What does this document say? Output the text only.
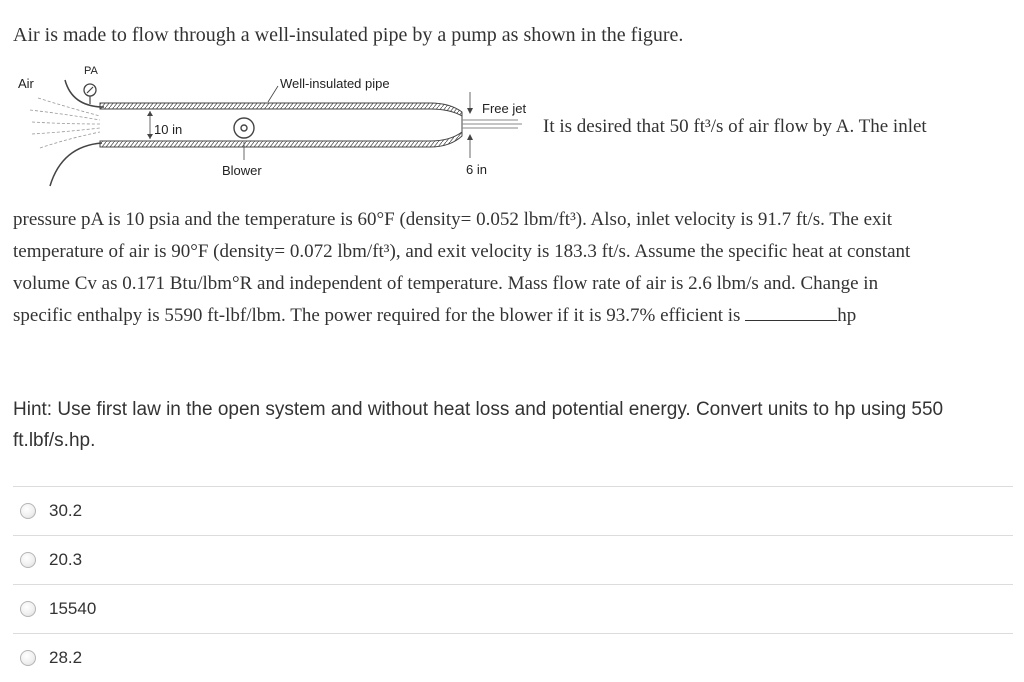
Air is made to flow through a well-insulated pipe by a pump as shown in the figure.
Air
PA
Well-insulated pipe
Free jet
10 in
Blower	6 in
It is desired that 50 ft³/s of air flow by A. The inlet
pressure pA is 10 psia and the temperature is 60°F (density= 0.052 lbm/ft³). Also, inlet velocity is 91.7 ft/s. The exit
temperature of air is 90°F (density= 0.072 lbm/ft³), and exit velocity is 183.3 ft/s. Assume the specific heat at constant
volume Cv as 0.171 Btu/lbm°R and independent of temperature. Mass flow rate of air is 2.6 lbm/s and. Change in
specific enthalpy is 5590 ft-lbf/lbm. The power required for the blower if it is 93.7% efficient is	hp
Hint: Use first law in the open system and without heat loss and potential energy. Convert units to hp using 550 ft.lbf/s.hp.
30.2
20.3
15540
28.2
